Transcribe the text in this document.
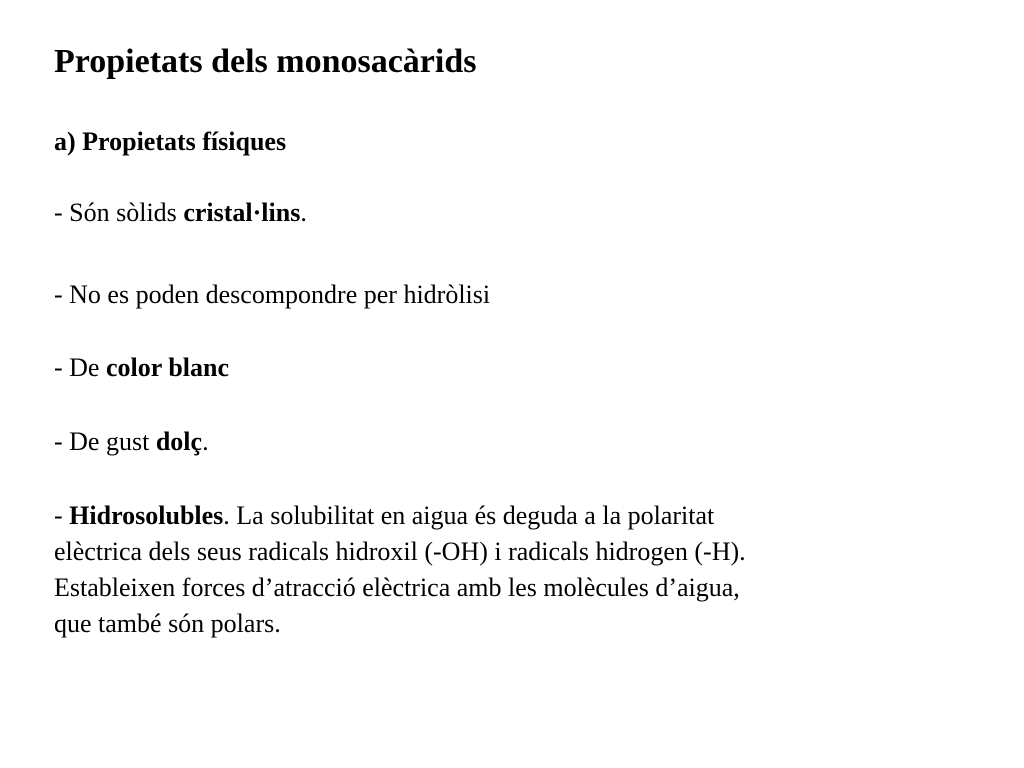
Propietats dels monosacàrids
a) Propietats físiques

- Són sòlids cristal·lins.

- No es poden descompondre per hidròlisi

- De color blanc

- De gust dolç.

- Hidrosolubles. La solubilitat en aigua és deguda a la polaritat
elèctrica dels seus radicals hidroxil (-OH) i radicals hidrogen (-H).
Estableixen forces d’atracció elèctrica amb les molècules d’aigua,
que també són polars.
